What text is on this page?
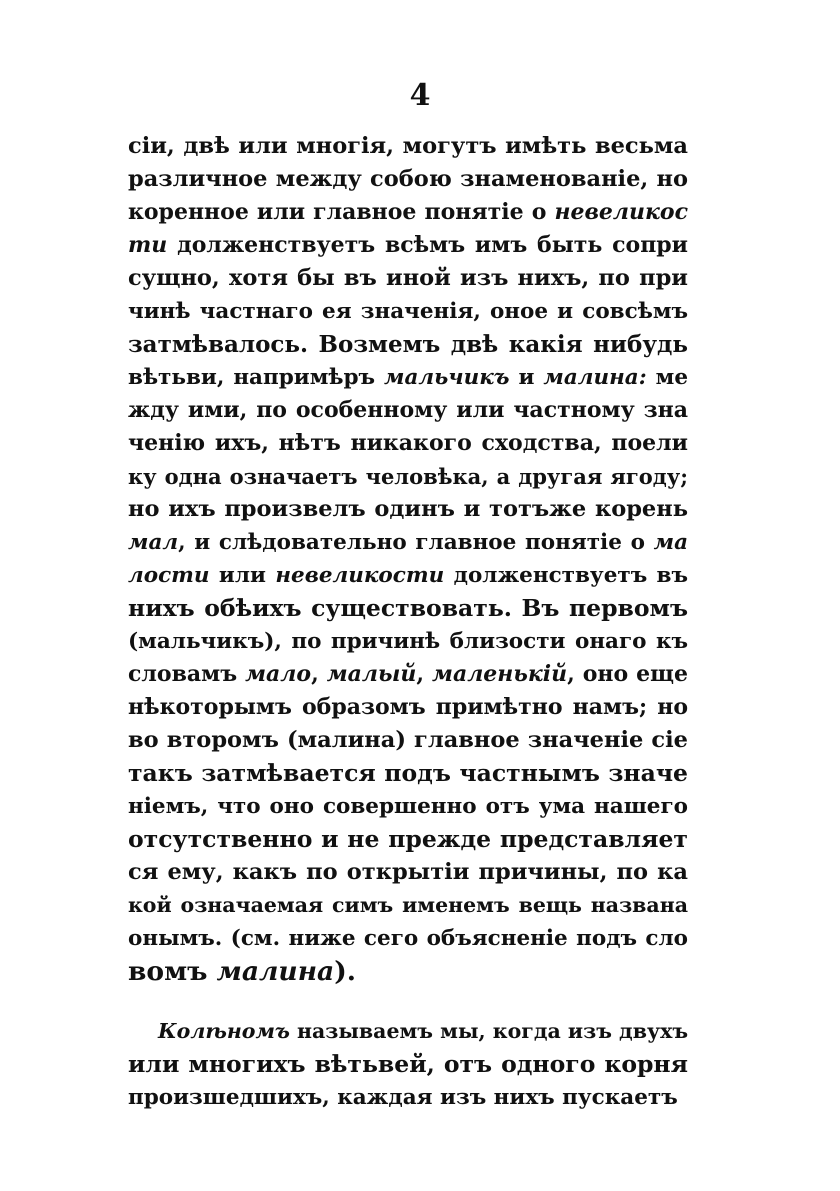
4
сіи, двѣ или многія, могутъ имѣть весьма
различное между собою знаменованіе, но
коренное или главное понятіе о невеликос
ти долженствуетъ всѣмъ имъ быть сопри
сущно, хотя бы въ иной изъ нихъ, по при
чинѣ частнаго ея значенія, оное и совсѣмъ
затмѣвалось. Возмемъ двѣ какія нибудь
вѣтьви, напримѣръ мальчикъ и малина: ме
жду ими, по особенному или частному зна
ченію ихъ, нѣтъ никакого сходства, поели
ку одна означаетъ человѣка, а другая ягоду;
но ихъ произвелъ одинъ и тотъже корень
мал, и слѣдовательно главное понятіе о ма
лости или невеликости долженствуетъ въ
нихъ обѣихъ существовать. Въ первомъ
(мальчикъ), по причинѣ близости онаго къ
словамъ мало, малый, маленькій, оно еще
нѣкоторымъ образомъ примѣтно намъ; но
во второмъ (малина) главное значеніе сіе
такъ затмѣвается подъ частнымъ значе
ніемъ, что оно совершенно отъ ума нашего
отсутственно и не прежде представляет
ся ему, какъ по открытіи причины, по ка
кой означаемая симъ именемъ вещь названа
онымъ. (см. ниже сего объясненіе подъ сло
вомъ малина).
Колѣномъ называемъ мы, когда изъ двухъ
или многихъ вѣтьвей, отъ одного корня
произшедшихъ, каждая изъ нихъ пускаетъ
